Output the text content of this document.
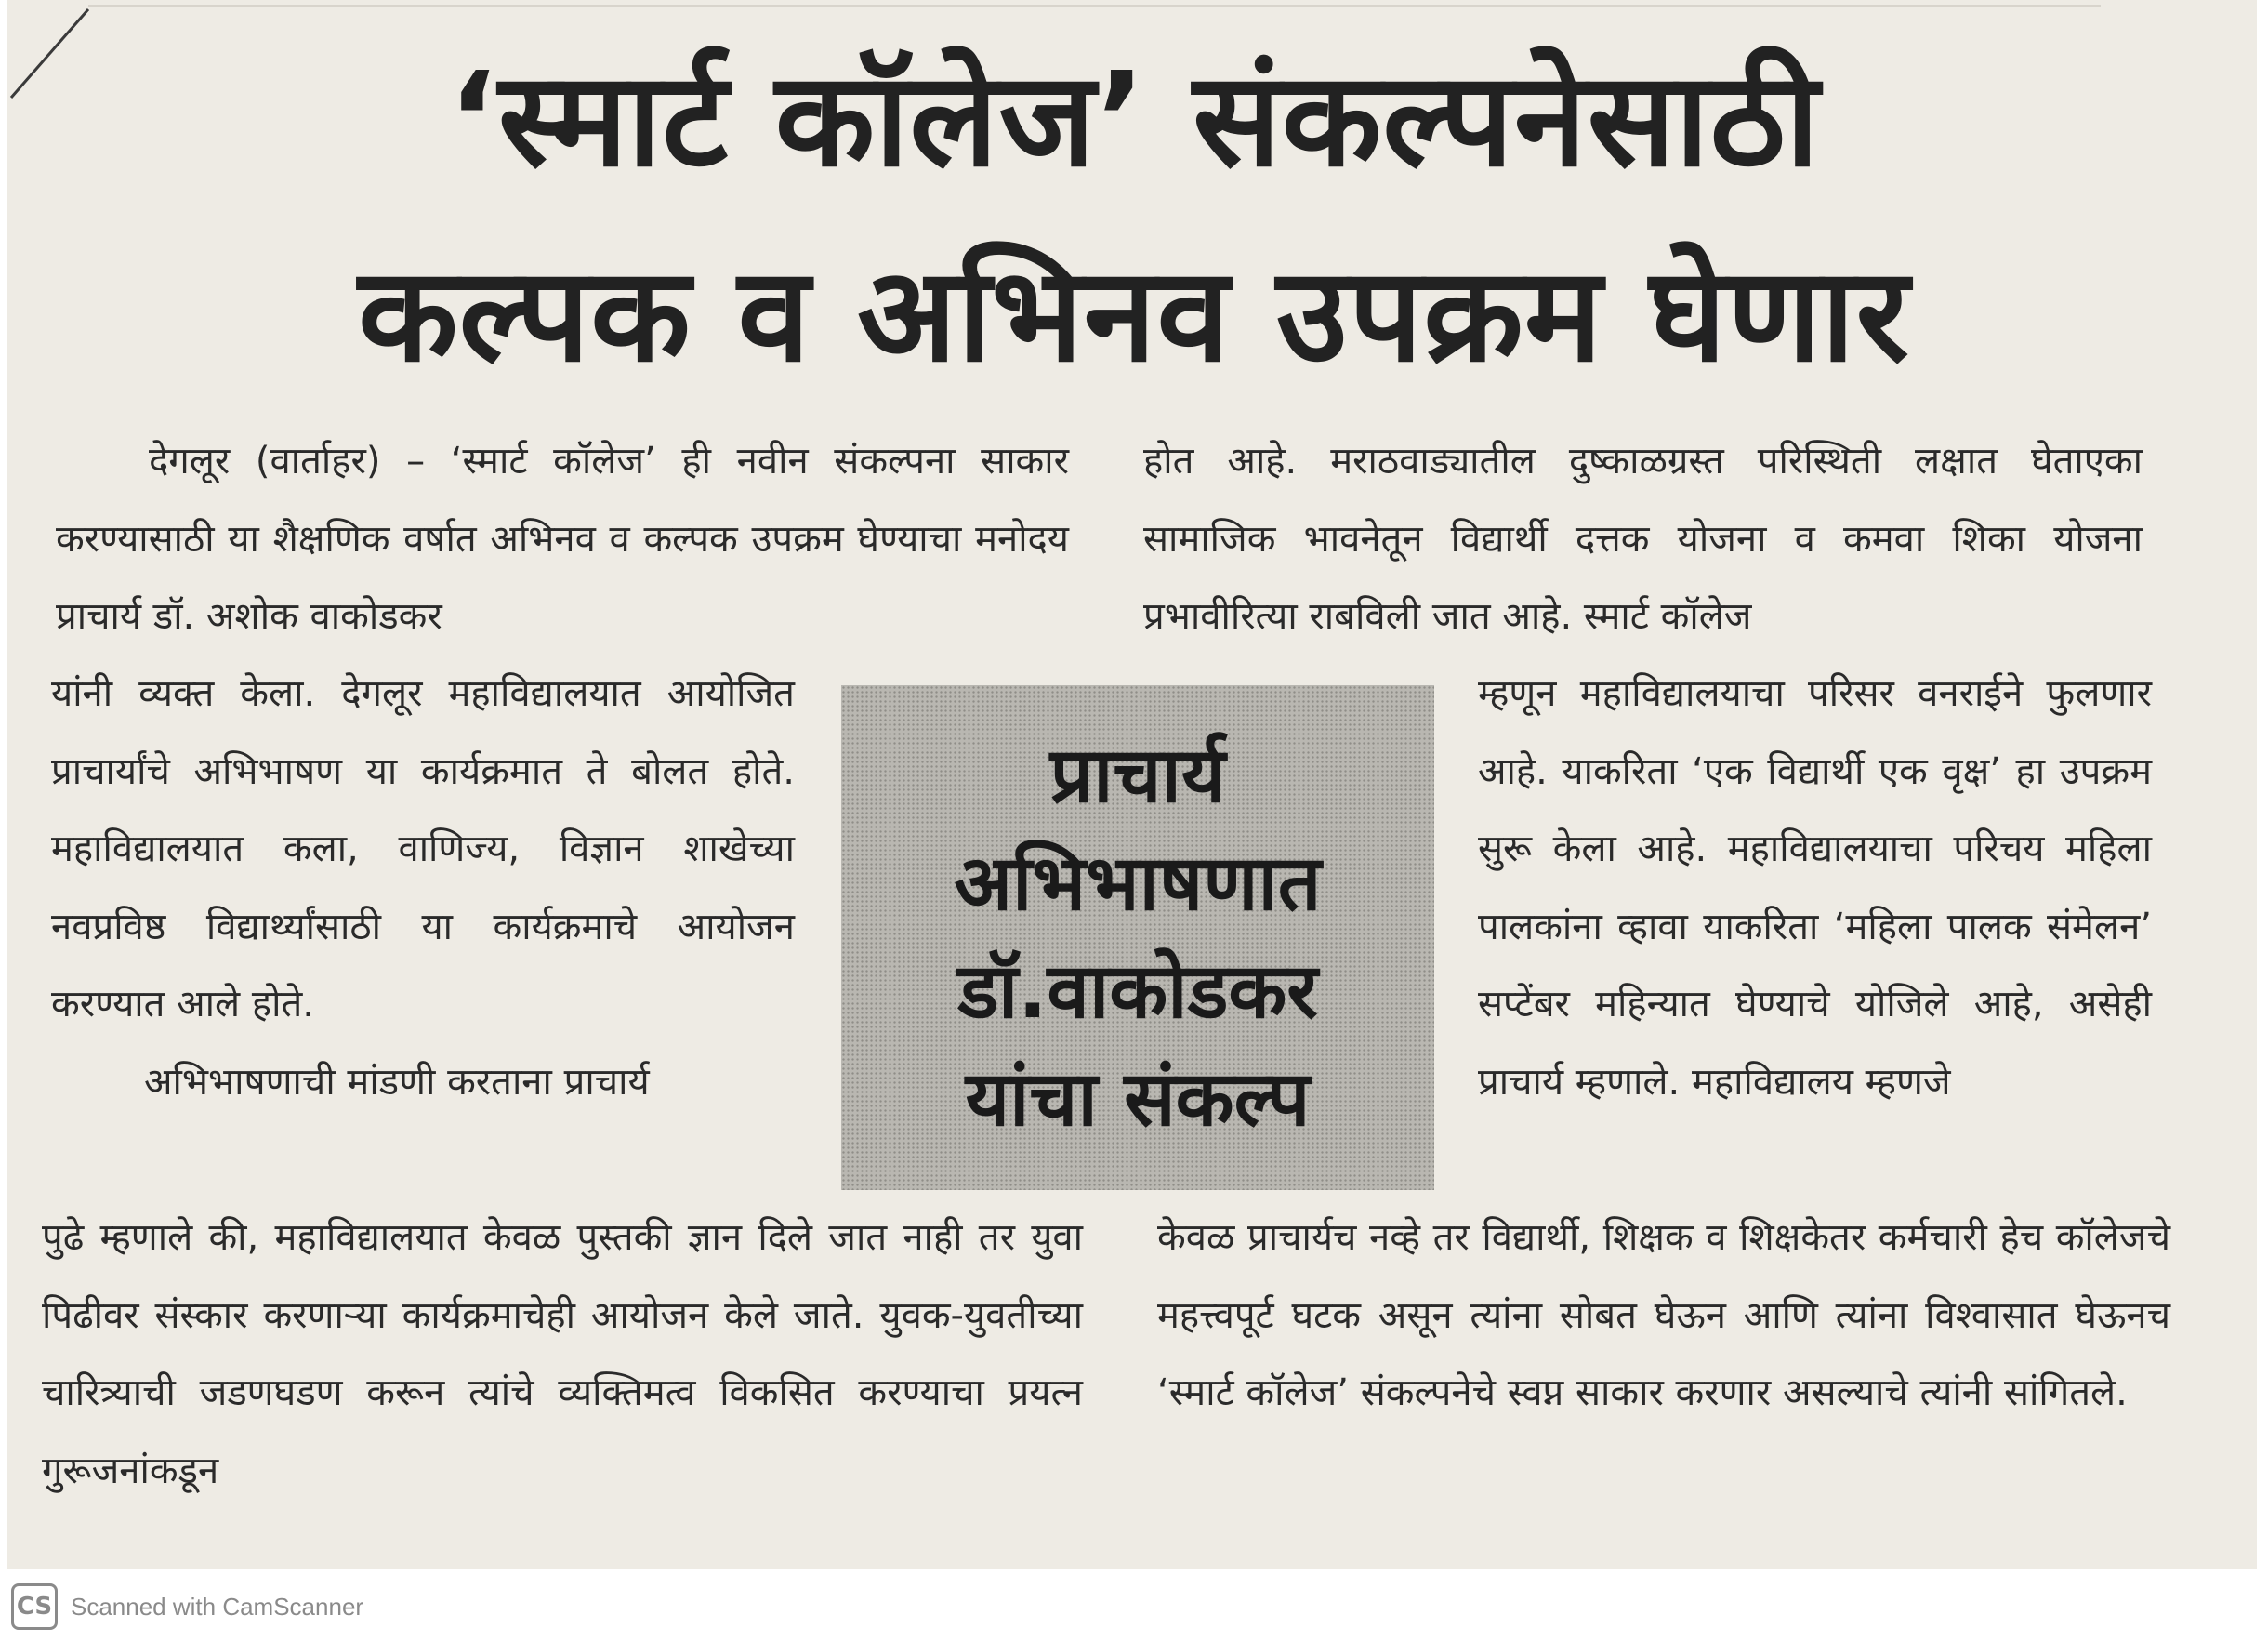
‘स्मार्ट कॉलेज’ संकल्पनेसाठी
कल्पक व अभिनव उपक्रम घेणार

देगलूर (वार्ताहर) – ‘स्मार्ट कॉलेज’ ही नवीन संकल्पना साकार करण्यासाठी या शैक्षणिक वर्षात अभिनव व कल्पक उपक्रम घेण्याचा मनोदय प्राचार्य डॉ. अशोक वाकोडकर

यांनी व्यक्त केला. देगलूर महाविद्यालयात आयोजित प्राचार्यांचे अभिभाषण या कार्यक्रमात ते बोलत होते. महाविद्यालयात कला, वाणिज्य, विज्ञान शाखेच्या नवप्रविष्ठ विद्यार्थ्यांसाठी या कार्यक्रमाचे आयोजन करण्यात आले होते.

अभिभाषणाची मांडणी करताना प्राचार्य

पुढे म्हणाले की, महाविद्यालयात केवळ पुस्तकी ज्ञान दिले जात नाही तर युवा पिढीवर संस्कार करणाऱ्या कार्यक्रमाचेही आयोजन केले जाते. युवक-युवतीच्या चारित्र्याची जडणघडण करून त्यांचे व्यक्तिमत्व विकसित करण्याचा प्रयत्न गुरूजनांकडून

होत आहे. मराठवाड्यातील दुष्काळग्रस्त परिस्थिती लक्षात घेताएका सामाजिक भावनेतून विद्यार्थी दत्तक योजना व कमवा शिका योजना प्रभावीरित्या राबविली जात आहे. स्मार्ट कॉलेज

म्हणून महाविद्यालयाचा परिसर वनराईने फुलणार आहे. याकरिता ‘एक विद्यार्थी एक वृक्ष’ हा उपक्रम सुरू केला आहे. महाविद्यालयाचा परिचय महिला पालकांना व्हावा याकरिता ‘महिला पालक संमेलन’ सप्टेंबर महिन्यात घेण्याचे योजिले आहे, असेही प्राचार्य म्हणाले. महाविद्यालय म्हणजे

केवळ प्राचार्यच नव्हे तर विद्यार्थी, शिक्षक व शिक्षकेतर कर्मचारी हेच कॉलेजचे महत्त्वपूर्ट घटक असून त्यांना सोबत घेऊन आणि त्यांना विश्वासात घेऊनच ‘स्मार्ट कॉलेज’ संकल्पनेचे स्वप्न साकार करणार असल्याचे त्यांनी सांगितले.

प्राचार्य
अभिभाषणात
डॉ.वाकोडकर
यांचा संकल्प
CS Scanned with CamScanner
